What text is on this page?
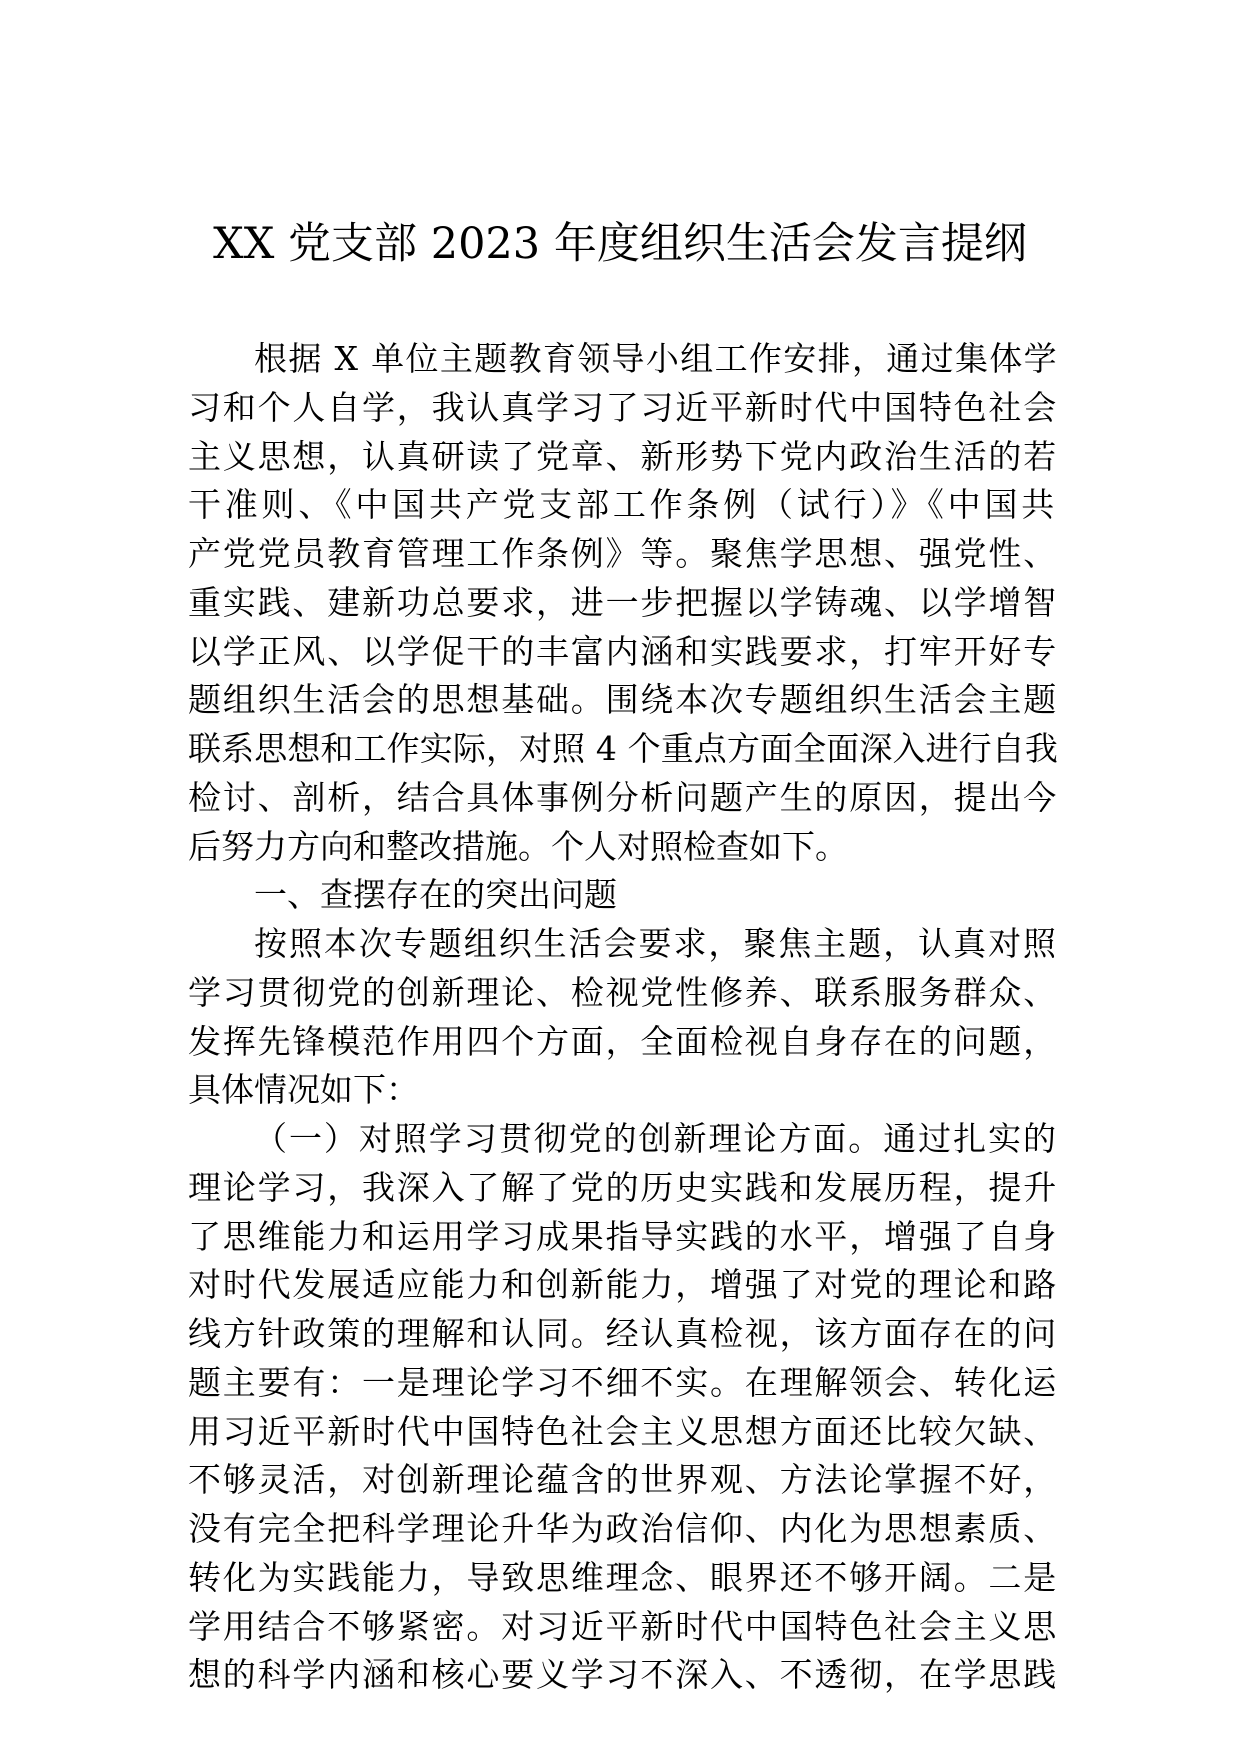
XX 党支部 2023 年度组织生活会发言提纲
根据 X 单位主题教育领导小组工作安排，通过集体学
习和个人自学，我认真学习了习近平新时代中国特色社会
主义思想，认真研读了党章、新形势下党内政治生活的若
干准则、《中国共产党支部工作条例（试行）》《中国共
产党党员教育管理工作条例》等。聚焦学思想、强党性、
重实践、建新功总要求，进一步把握以学铸魂、以学增智
以学正风、以学促干的丰富内涵和实践要求，打牢开好专
题组织生活会的思想基础。围绕本次专题组织生活会主题
联系思想和工作实际，对照 4 个重点方面全面深入进行自我
检讨、剖析，结合具体事例分析问题产生的原因，提出今
后努力方向和整改措施。个人对照检查如下。
一、查摆存在的突出问题
按照本次专题组织生活会要求，聚焦主题，认真对照
学习贯彻党的创新理论、检视党性修养、联系服务群众、
发挥先锋模范作用四个方面，全面检视自身存在的问题，
具体情况如下：
（一）对照学习贯彻党的创新理论方面。通过扎实的
理论学习，我深入了解了党的历史实践和发展历程，提升
了思维能力和运用学习成果指导实践的水平，增强了自身
对时代发展适应能力和创新能力，增强了对党的理论和路
线方针政策的理解和认同。经认真检视，该方面存在的问
题主要有：一是理论学习不细不实。在理解领会、转化运
用习近平新时代中国特色社会主义思想方面还比较欠缺、
不够灵活，对创新理论蕴含的世界观、方法论掌握不好，
没有完全把科学理论升华为政治信仰、内化为思想素质、
转化为实践能力，导致思维理念、眼界还不够开阔。二是
学用结合不够紧密。对习近平新时代中国特色社会主义思
想的科学内涵和核心要义学习不深入、不透彻，在学思践
